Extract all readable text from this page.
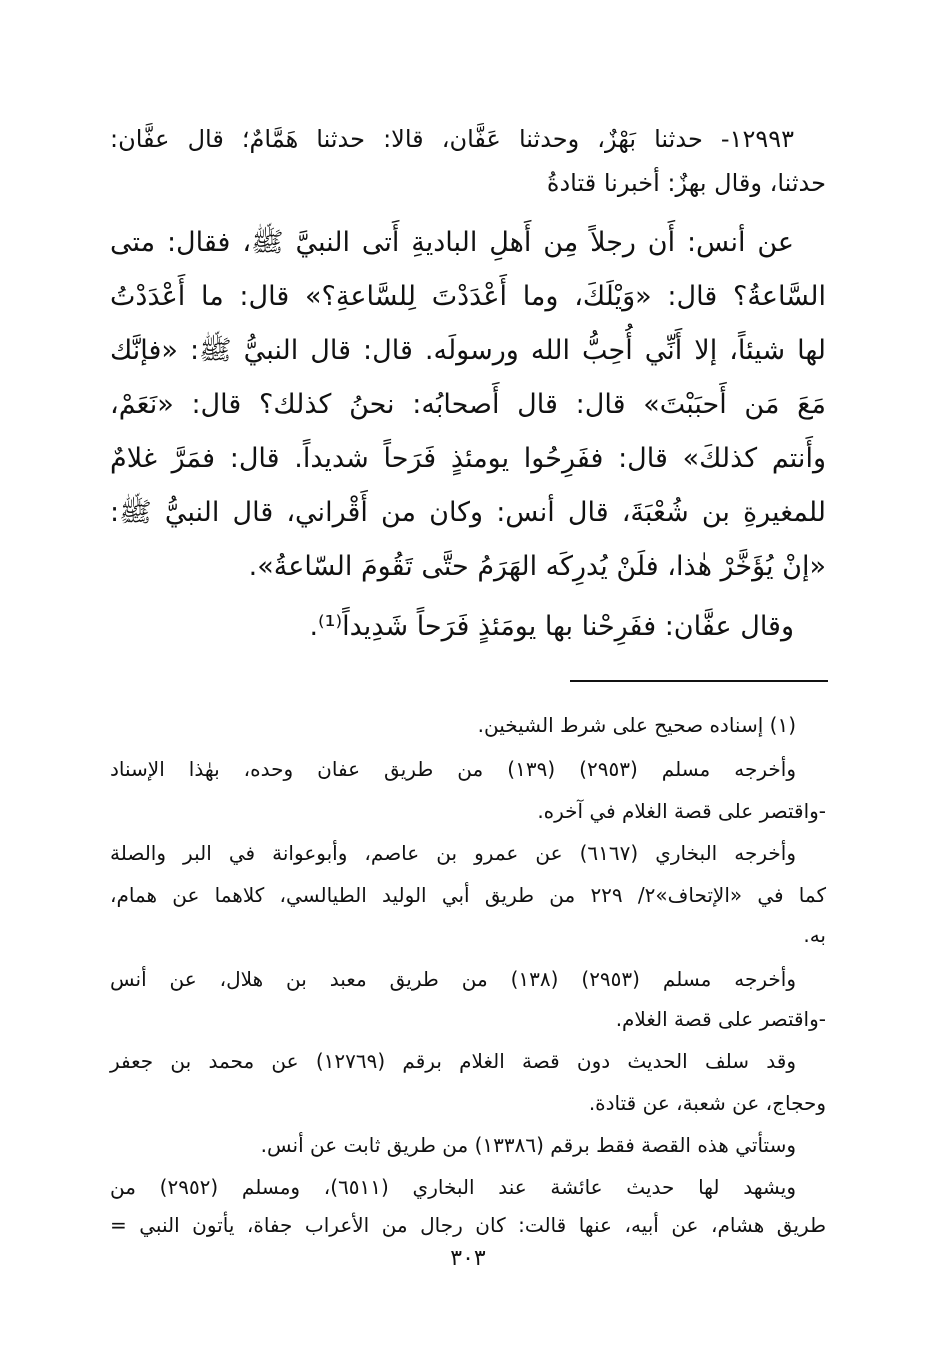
١٢٩٩٣- حدثنا بَهْزٌ، وحدثنا عَفَّان، قالا: حدثنا هَمَّامٌ؛ قال عفَّان:
حدثنا، وقال بهزٌ: أخبرنا قتادةُ
عن أنس: أَن رجلاً مِن أَهلِ الباديةِ أَتى النبيَّ ﷺ، فقال: متى
السَّاعةُ؟ قال: «وَيْلَكَ، وما أَعْدَدْتَ لِلسَّاعةِ؟» قال: ما أَعْدَدْتُ
لها شيئاً، إلا أَنِّي أُحِبُّ الله ورسولَه. قال: قال النبيُّ ﷺ: «فإنَّك
مَعَ مَن أَحبَبْتَ» قال: قال أَصحابُه: نحنُ كذلك؟ قال: «نَعَمْ،
وأَنتم كذلكَ» قال: ففَرِحُوا يومئذٍ فَرَحاً شديداً. قال: فمَرَّ غلامٌ
للمغيرةِ بن شُعْبَةَ، قال أنس: وكان من أَقْراني، قال النبيُّ ﷺ:
«إنْ يُؤَخَّرْ هٰذا، فلَنْ يُدرِكَه الهَرَمُ حتَّى تَقُومَ السّاعةُ».
وقال عفَّان: ففَرِحْنا بها يومَئذٍ فَرَحاً شَدِيداً⁽¹⁾.
(١) إسناده صحيح على شرط الشيخين.
وأخرجه مسلم (٢٩٥٣) (١٣٩) من طريق عفان وحده، بهٰذا الإسناد
-واقتصر على قصة الغلام في آخره.
وأخرجه البخاري (٦١٦٧) عن عمرو بن عاصم، وأبوعوانة في البر والصلة
كما في «الإتحاف»٢/ ٢٢٩ من طريق أبي الوليد الطيالسي، كلاهما عن همام،
به.
وأخرجه مسلم (٢٩٥٣) (١٣٨) من طريق معبد بن هلال، عن أنس
-واقتصر على قصة الغلام.
وقد سلف الحديث دون قصة الغلام برقم (١٢٧٦٩) عن محمد بن جعفر
وحجاج، عن شعبة، عن قتادة.
وستأتي هذه القصة فقط برقم (١٣٣٨٦) من طريق ثابت عن أنس.
ويشهد لها حديث عائشة عند البخاري (٦٥١١)، ومسلم (٢٩٥٢) من
طريق هشام، عن أبيه، عنها قالت: كان رجال من الأعراب جفاة، يأتون النبي =
٣٠٣
